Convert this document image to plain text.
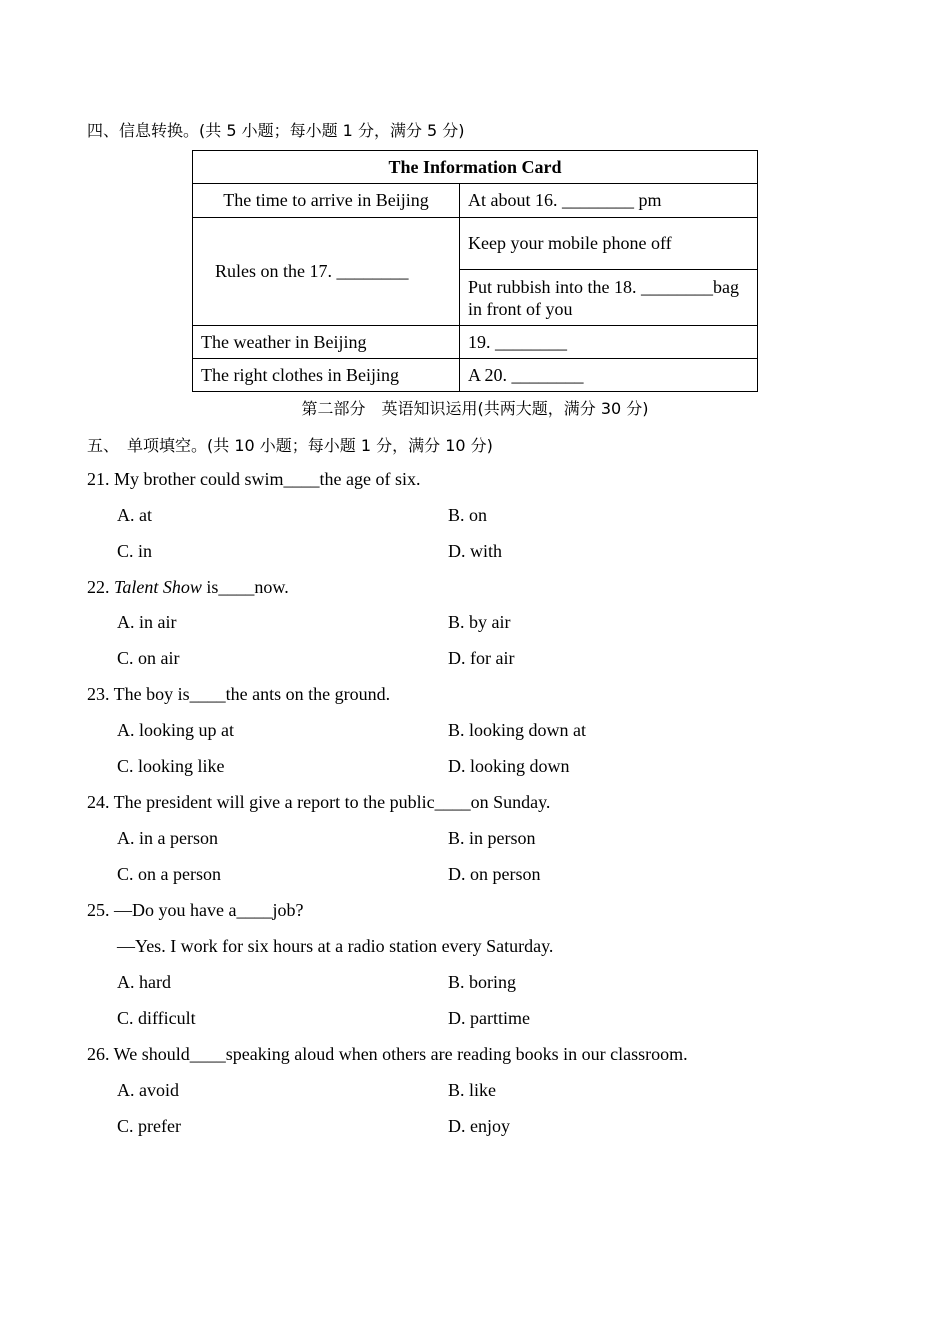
四、信息转换。(共 5 小题；每小题 1 分，满分 5 分)
The Information Card	
The time to arrive in Beijing	At about 16. ________ pm
Rules on the 17. ________	Keep your mobile phone off

	Put rubbish into the 18. ________bag
in front of you

The weather in Beijing	19. ________
The right clothes in Beijing	A 20. ________
第二部分　英语知识运用(共两大题，满分 30 分)
五、　单项填空。(共 10 小题；每小题 1 分，满分 10 分)
21. My brother could swim____the age of six.
A. at	B. on
C. in	D. with
22. Talent Show is____now.
A. in air	B. by air
C. on air	D. for air
23. The boy is____the ants on the ground.
A. looking up at	B. looking down at
C. looking like	D. looking down
24. The president will give a report to the public____on Sunday.
A. in a person	B. in person
C. on a person	D. on person
25. —Do you have a____job?
—Yes. I work for six hours at a radio station every Saturday.
A. hard	B. boring
C. difficult	D. parttime
26. We should____speaking aloud when others are reading books in our classroom.
A. avoid	B. like
C. prefer	D. enjoy
